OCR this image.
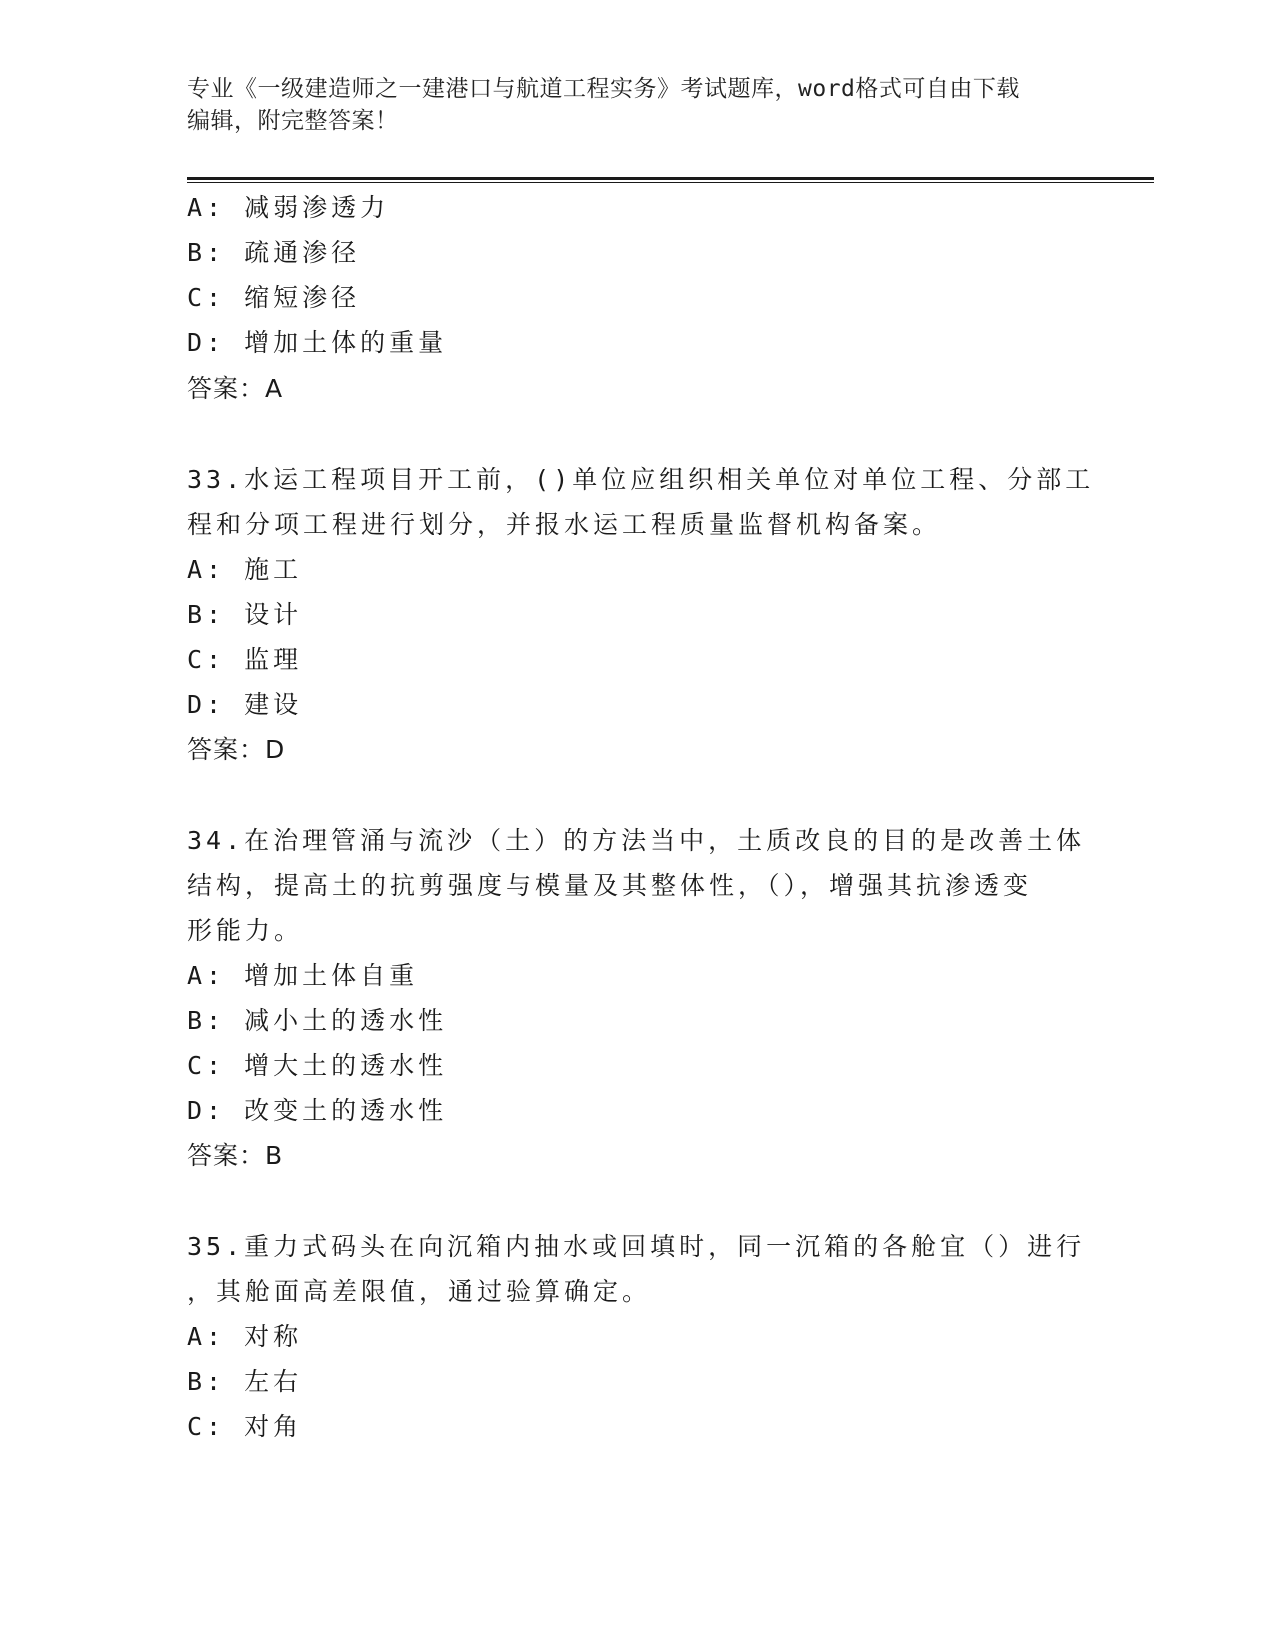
专业《一级建造师之一建港口与航道工程实务》考试题库，word格式可自由下载
编辑，附完整答案！
A: 减弱渗透力
B: 疏通渗径
C: 缩短渗径
D: 增加土体的重量
答案：A
33.水运工程项目开工前，()单位应组织相关单位对单位工程、分部工
程和分项工程进行划分，并报水运工程质量监督机构备案。
A: 施工
B: 设计
C: 监理
D: 建设
答案：D
34.在治理管涌与流沙（土）的方法当中，土质改良的目的是改善土体
结构，提高土的抗剪强度与模量及其整体性，（），增强其抗渗透变
形能力。
A: 增加土体自重
B: 减小土的透水性
C: 增大土的透水性
D: 改变土的透水性
答案：B
35.重力式码头在向沉箱内抽水或回填时，同一沉箱的各舱宜（）进行
，其舱面高差限值，通过验算确定。
A: 对称
B: 左右
C: 对角
